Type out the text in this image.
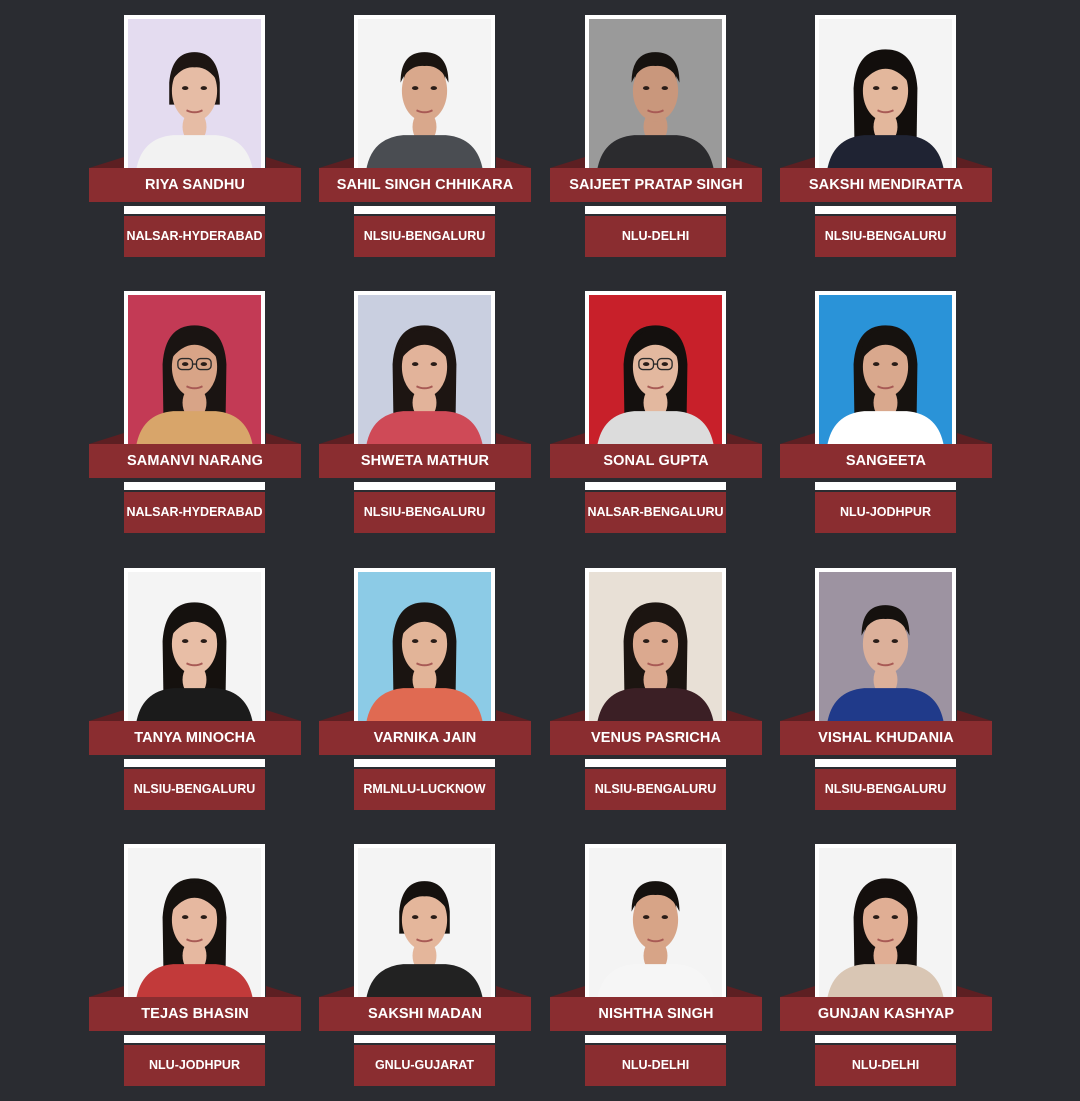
RIYA SANDHU
NALSAR-HYDERABAD
SAHIL SINGH CHHIKARA
NLSIU-BENGALURU
SAIJEET PRATAP SINGH
NLU-DELHI
SAKSHI MENDIRATTA
NLSIU-BENGALURU
SAMANVI NARANG
NALSAR-HYDERABAD
SHWETA MATHUR
NLSIU-BENGALURU
SONAL GUPTA
NALSAR-BENGALURU
SANGEETA
NLU-JODHPUR
TANYA MINOCHA
NLSIU-BENGALURU
VARNIKA JAIN
RMLNLU-LUCKNOW
VENUS PASRICHA
NLSIU-BENGALURU
VISHAL KHUDANIA
NLSIU-BENGALURU
TEJAS BHASIN
NLU-JODHPUR
SAKSHI MADAN
GNLU-GUJARAT
NISHTHA SINGH
NLU-DELHI
GUNJAN KASHYAP
NLU-DELHI
